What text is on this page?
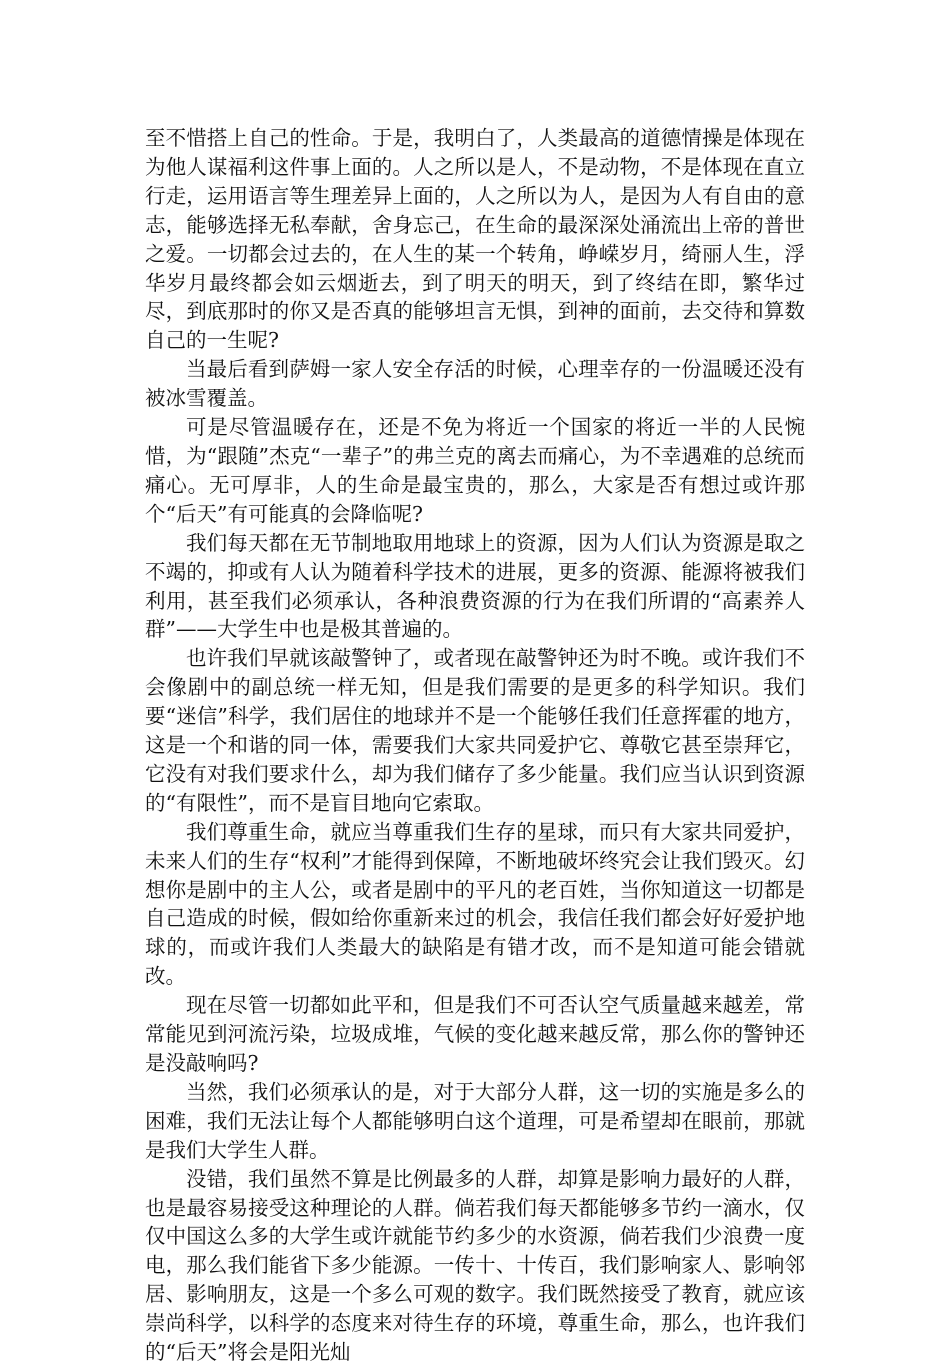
至不惜搭上自己的性命。于是，我明白了，人类最高的道德情操是体现在为他人谋福利这件事上面的。人之所以是人，不是动物，不是体现在直立行走，运用语言等生理差异上面的，人之所以为人，是因为人有自由的意志，能够选择无私奉献，舍身忘己，在生命的最深深处涌流出上帝的普世之爱。一切都会过去的，在人生的某一个转角，峥嵘岁月，绮丽人生，浮华岁月最终都会如云烟逝去，到了明天的明天，到了终结在即，繁华过尽，到底那时的你又是否真的能够坦言无惧，到神的面前，去交待和算数自己的一生呢?

当最后看到萨姆一家人安全存活的时候，心理幸存的一份温暖还没有被冰雪覆盖。

可是尽管温暖存在，还是不免为将近一个国家的将近一半的人民惋惜，为“跟随”杰克“一辈子”的弗兰克的离去而痛心，为不幸遇难的总统而痛心。无可厚非，人的生命是最宝贵的，那么，大家是否有想过或许那个“后天”有可能真的会降临呢?

我们每天都在无节制地取用地球上的资源，因为人们认为资源是取之不竭的，抑或有人认为随着科学技术的进展，更多的资源、能源将被我们利用，甚至我们必须承认，各种浪费资源的行为在我们所谓的“高素养人群”——大学生中也是极其普遍的。

也许我们早就该敲警钟了，或者现在敲警钟还为时不晚。或许我们不会像剧中的副总统一样无知，但是我们需要的是更多的科学知识。我们要“迷信”科学，我们居住的地球并不是一个能够任我们任意挥霍的地方，这是一个和谐的同一体，需要我们大家共同爱护它、尊敬它甚至崇拜它，它没有对我们要求什么，却为我们储存了多少能量。我们应当认识到资源的“有限性”，而不是盲目地向它索取。

我们尊重生命，就应当尊重我们生存的星球，而只有大家共同爱护，未来人们的生存“权利”才能得到保障，不断地破坏终究会让我们毁灭。幻想你是剧中的主人公，或者是剧中的平凡的老百姓，当你知道这一切都是自己造成的时候，假如给你重新来过的机会，我信任我们都会好好爱护地球的，而或许我们人类最大的缺陷是有错才改，而不是知道可能会错就改。

现在尽管一切都如此平和，但是我们不可否认空气质量越来越差，常常能见到河流污染，垃圾成堆，气候的变化越来越反常，那么你的警钟还是没敲响吗?

当然，我们必须承认的是，对于大部分人群，这一切的实施是多么的困难，我们无法让每个人都能够明白这个道理，可是希望却在眼前，那就是我们大学生人群。

没错，我们虽然不算是比例最多的人群，却算是影响力最好的人群，也是最容易接受这种理论的人群。倘若我们每天都能够多节约一滴水，仅仅中国这么多的大学生或许就能节约多少的水资源，倘若我们少浪费一度电，那么我们能省下多少能源。一传十、十传百，我们影响家人、影响邻居、影响朋友，这是一个多么可观的数字。我们既然接受了教育，就应该崇尚科学，以科学的态度来对待生存的环境，尊重生命，那么，也许我们的“后天”将会是阳光灿
